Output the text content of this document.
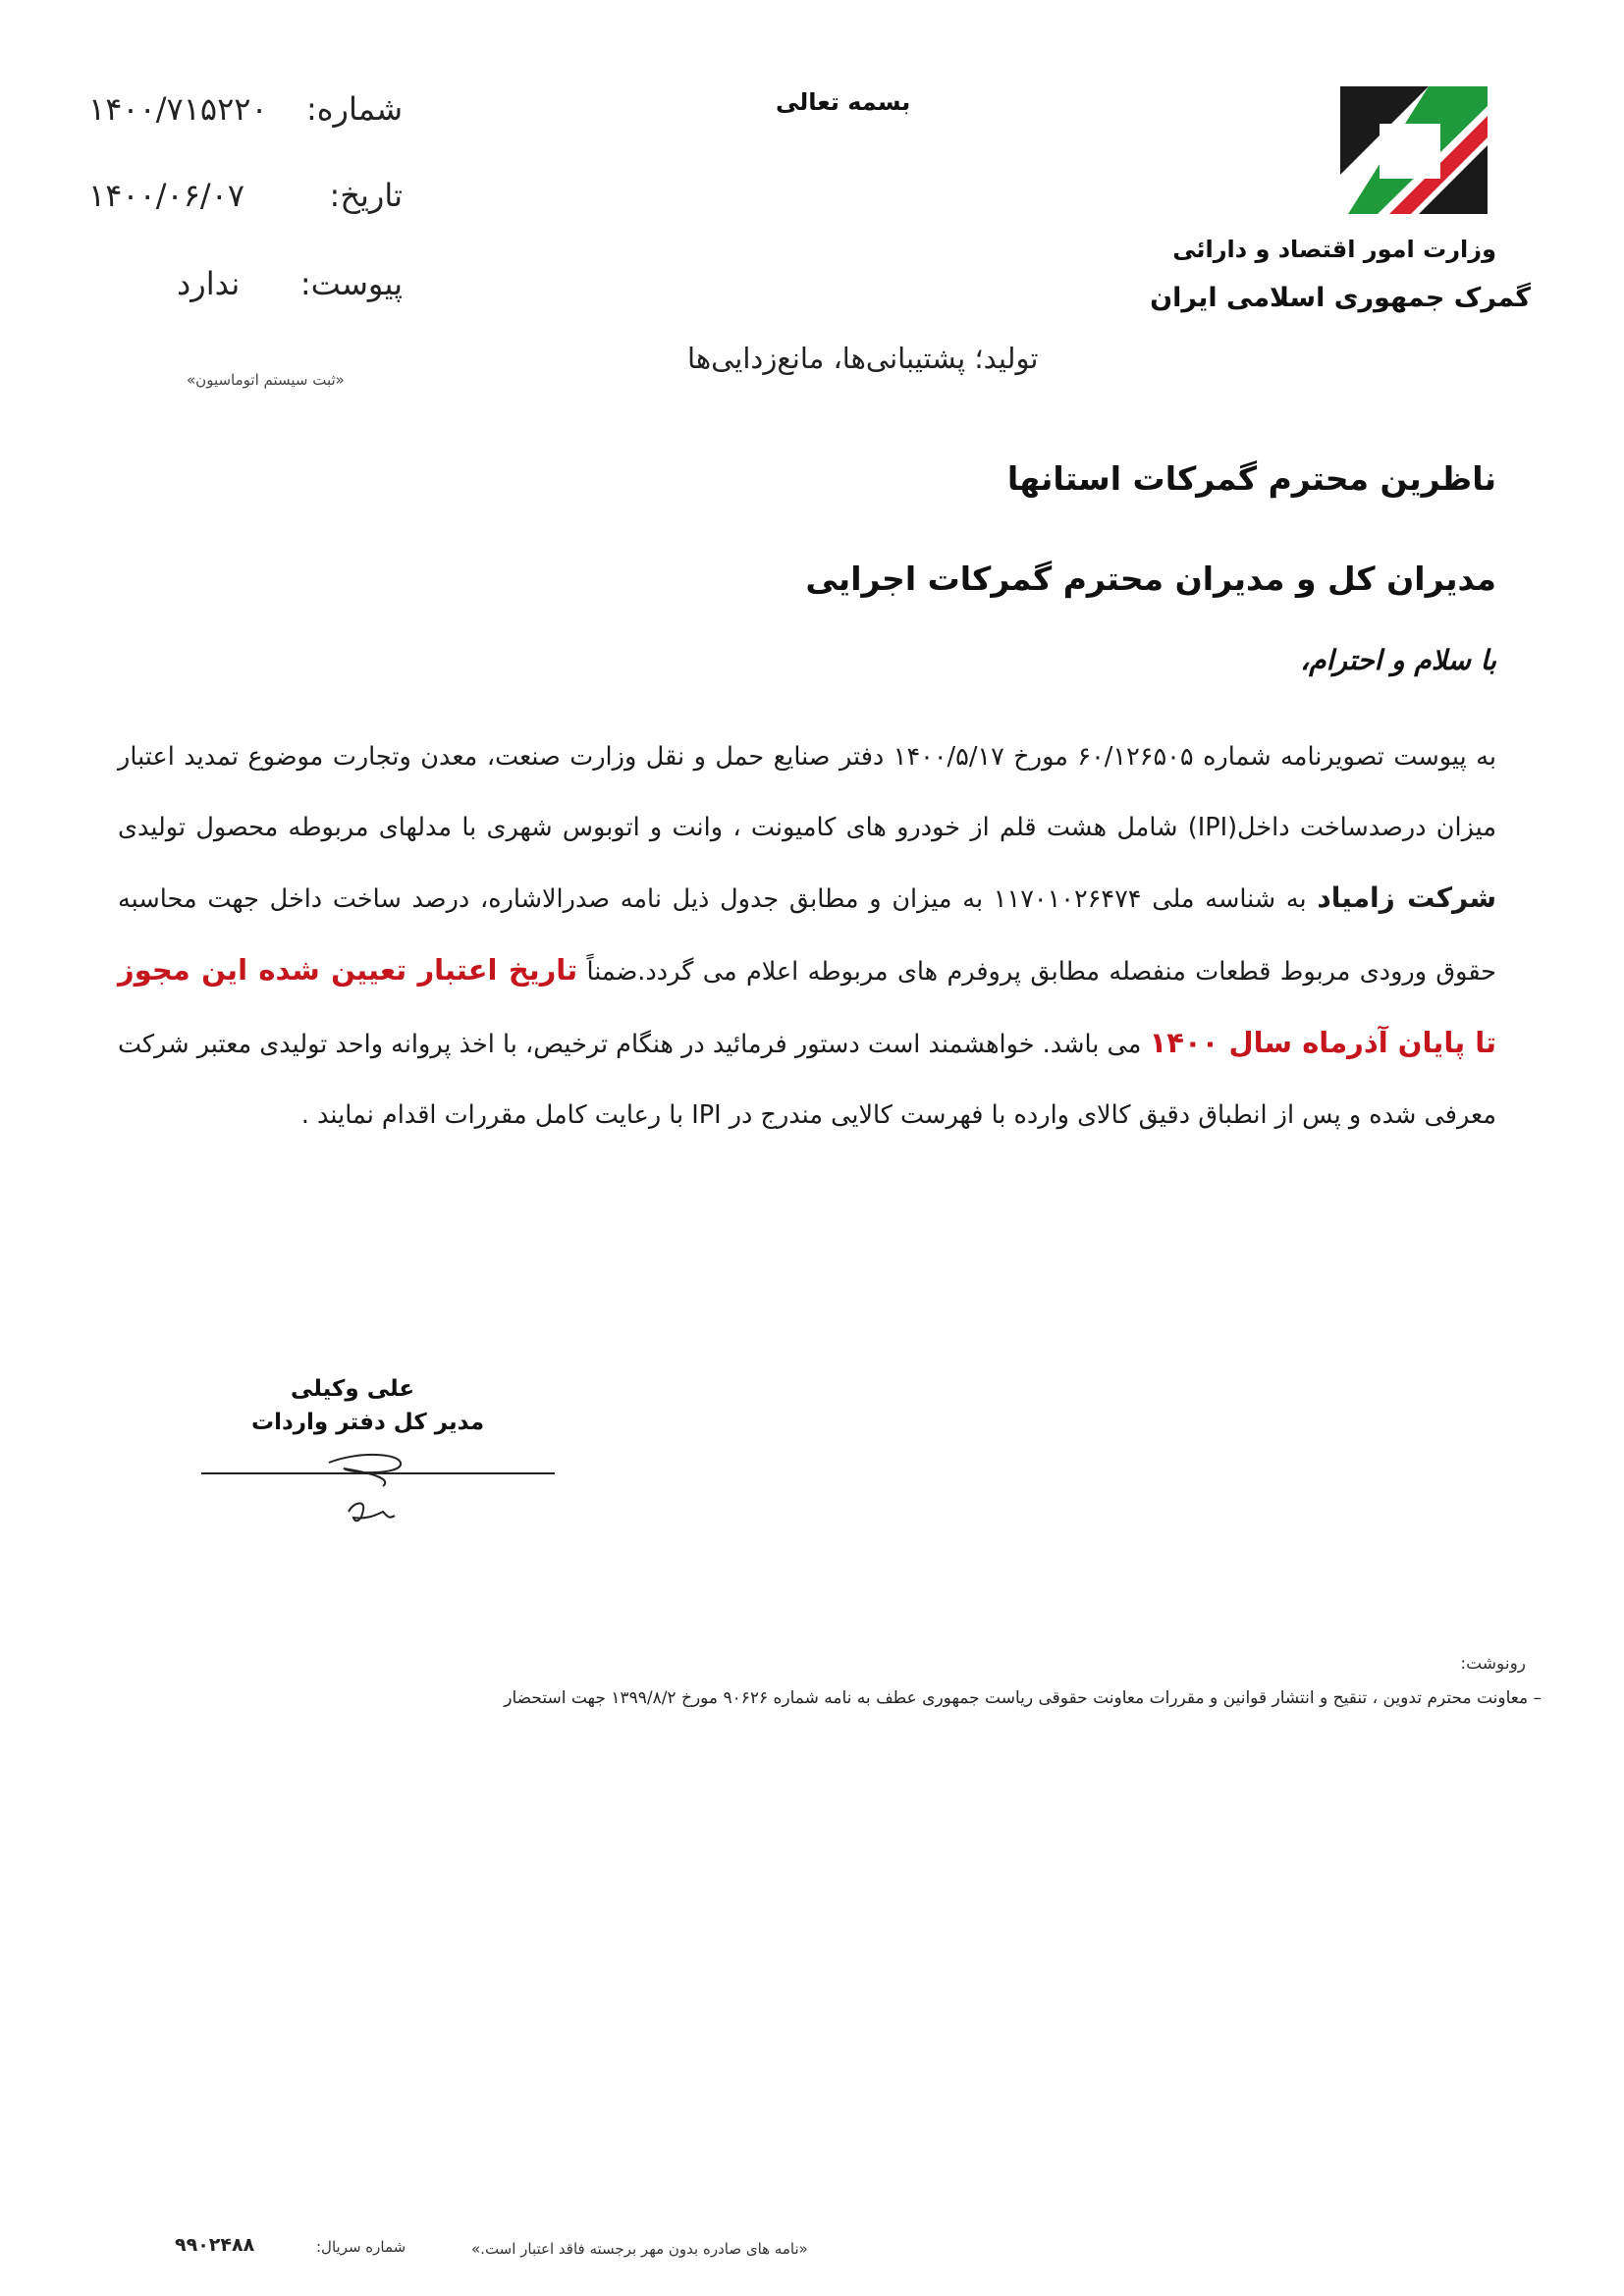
شماره:
۱۴۰۰/۷۱۵۲۲۰
تاریخ:
۱۴۰۰/۰۶/۰۷
پیوست:
ندارد
«ثبت سیستم اتوماسیون»
بسمه تعالی
وزارت امور اقتصاد و دارائی
گمرک جمهوری اسلامی ایران
تولید؛ پشتیبانی‌ها، مانع‌زدایی‌ها
ناظرین محترم گمرکات استانها
مدیران کل و مدیران محترم گمرکات اجرایی
با سلام و احترام،
به پیوست تصویرنامه شماره ۶۰/۱۲۶۵۰۵ مورخ ۱۴۰۰/۵/۱۷ دفتر صنایع حمل و نقل وزارت صنعت، معدن وتجارت موضوع تمدید اعتبار میزان درصدساخت داخل(IPI) شامل هشت قلم از خودرو های کامیونت ، وانت و اتوبوس شهری با مدلهای مربوطه محصول تولیدی شرکت زامیاد به شناسه ملی ۱۱۷۰۱۰۲۶۴۷۴ به میزان و مطابق جدول ذیل نامه صدرالاشاره، درصد ساخت داخل جهت محاسبه حقوق ورودی مربوط قطعات منفصله مطابق پروفرم های مربوطه اعلام می گردد.ضمناً تاریخ اعتبار تعیین شده این مجوز تا پایان آذرماه سال ۱۴۰۰ می باشد. خواهشمند است دستور فرمائید در هنگام ترخیص، با اخذ پروانه واحد تولیدی معتبر شرکت معرفی شده و پس از انطباق دقیق کالای وارده با فهرست کالایی مندرج در IPI با رعایت کامل مقررات اقدام نمایند .
علی وکیلی
مدیر کل دفتر واردات
رونوشت:
– معاونت محترم تدوین ، تنقیح و انتشار قوانین و مقررات معاونت حقوقی ریاست جمهوری عطف به نامه شماره ۹۰۶۲۶ مورخ ۱۳۹۹/۸/۲ جهت استحضار
«نامه های صادره بدون مهر برجسته فاقد اعتبار است.»
شماره سریال:
۹۹۰۲۴۸۸
